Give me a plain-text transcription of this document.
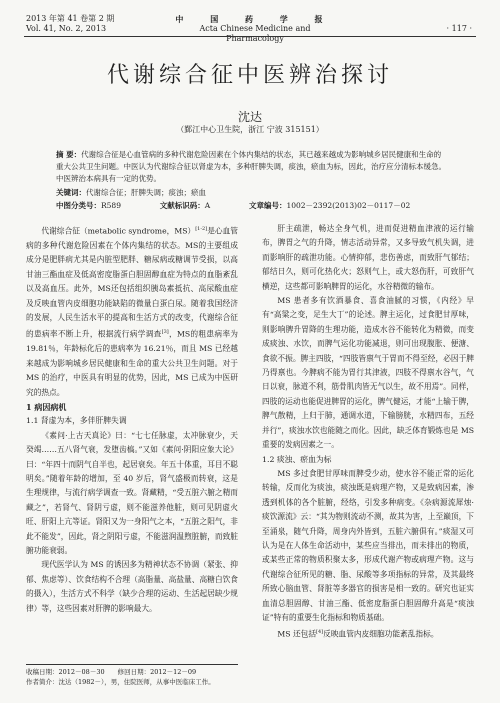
2013 年第 41 卷第 2 期
Vol. 41, No. 2, 2013
中 国 药 学 报
Acta Chinese Medicine and Pharmacology
· 117 ·
代谢综合征中医辨治探讨
沈达
（鄞江中心卫生院，浙江 宁波 315151）
摘 要：代谢综合征是心血管病的多种代谢危险因素在个体内集结的状态，其已越来越成为影响城乡居民健康和生命的重大公共卫生问题。中医认为代谢综合征以肾虚为本，多种肝脾失调，痰浊，瘀血为标，因此，治疗应分清标本缓急。中医辨治本病具有一定的优势。
关键词：代谢综合征；肝脾失调；痰浊；瘀血
中图分类号：R589	文献标识码：A	文章编号：1002－2392(2013)02－0117－02

代谢综合征（metabolic syndrome，MS）[1-2]是心血管病的多种代谢危险因素在个体内集结的状态。MS的主要组成成分是肥胖病尤其是内脏型肥胖、糖尿病或糖调节受损，以高甘油三酯血症及低高密度脂蛋白胆固醇血症为特点的血脂紊乱以及高血压。此外，MS还包括组织胰岛素抵抗、高尿酸血症及反映血管内皮细胞功能缺陷的微量白蛋白尿。随着我国经济的发展，人民生活水平的提高和生活方式的改变，代谢综合征的患病率不断上升，根据流行病学调查[3]，MS的粗患病率为 19.81％，年龄标化后的患病率为 16.21％，而且 MS 已经越来越成为影响城乡居民健康和生命的重大公共卫生问题。对于 MS 的治疗，中医具有明显的优势，因此，MS 已成为中医研究的热点。

1 病因病机
1.1 肾虚为本，多伴肝脾失调

《素问·上古天真论》曰：“七七任脉虚，太冲脉衰少，天癸竭……五八肾气衰，发堕齿槁。”又如《素问·阴阳应象大论》曰：“年四十而阴气自半也，起居衰矣。年五十体重，耳目不聪明矣。”随着年龄的增加，至 40 岁后，肾气盛极而转衰，这是生理规律，与流行病学调查一致。肾藏精，“受五脏六腑之精而藏之”，若肾气、肾阴亏虚，则不能滋养他脏，则可见阴虚火旺、肝阳上亢等证。肾阳又为一身阳气之本，“五脏之阳气，非此不能发”，因此，肾之阴阳亏虚，不能滋润温煦脏腑，而致脏腑功能衰弱。

现代医学认为 MS 的诱因多为精神状态不协调（紧张、抑郁、焦虑等）、饮食结构不合理（高脂量、高盐量、高糖白饮食的摄入），生活方式不科学（缺少合理的运动、生活起居缺少规律）等，这些因素对肝脾的影响最大。

肝主疏泄，畅达全身气机，进而促进精血津液的运行输布，脾胃之气的升降，情志活动异常，又多导致气机失调，进而影响肝的疏泄功能。心情抑郁，悲伤善虑，而致肝气郁结；郁结日久，则可化热化火；怒则气上，或大怒伤肝，可致肝气横逆，这些都可影响脾胃的运化，水谷精微的输布。

MS 患者多有饮酒暴食、喜食油腻的习惯，《内经》早有“高粱之变，足生大丁”的论述。脾主运化，过食肥甘厚味，则影响脾升胃降的生理功能，造成水谷不能转化为精微，而变成痰浊、水饮，而脾气运化功能减退，则可出现腹胀、便溏、食欲不振。脾主四肢，“四肢皆禀气于胃而不得至经，必因于脾乃得禀也。今脾病不能为胃行其津液，四肢不得禀水谷气，气日以衰，脉道不利，筋骨肌肉皆无气以生，故不用焉”。同样，四肢的运动也能促进脾胃的运化，脾气健运，才能“上输于脾，脾气散精，上归于肺，通调水道，下输膀胱，水精四布，五经并行”，痰浊水饮也能随之而化。因此，缺乏体育锻炼也是 MS 重要的发病因素之一。

1.2 痰浊、瘀血为标

MS 多过食肥甘厚味而脾受少动，使水谷不能正常的运化转输，反而化为痰浊，痰浊既是病理产物，又是致病因素，渗透到机体的各个脏腑，经络，引发多种病变。《杂病源流犀烛·痰饮源流》云：“其为物则流动不测，故其为害，上至巅顶，下至涌泉，随气升降，周身内外皆到，五脏六腑俱有。”痰湿又可认为是在人体生命活动中，某些应当排出，而未排出的物质，或某些正常的物质积聚太多，形成代谢产物或病理产物。这与代谢综合征所见的糖、脂、尿酸等多项指标的异常，及其最终所致心脑血管、肾脏等多器官的损害是相一致的。研究也证实血清总胆固醇、甘油三酯、低密度脂蛋白胆固醇升高是“痰浊证”特有的重要生化指标和物质基础。

MS 还包括[4]反映血管内皮细胞功能紊乱指标。

收稿日期：2012－08－30　　修回日期：2012－12－09
作者简介：沈达（1982－），男，住院医师，从事中医临床工作。
